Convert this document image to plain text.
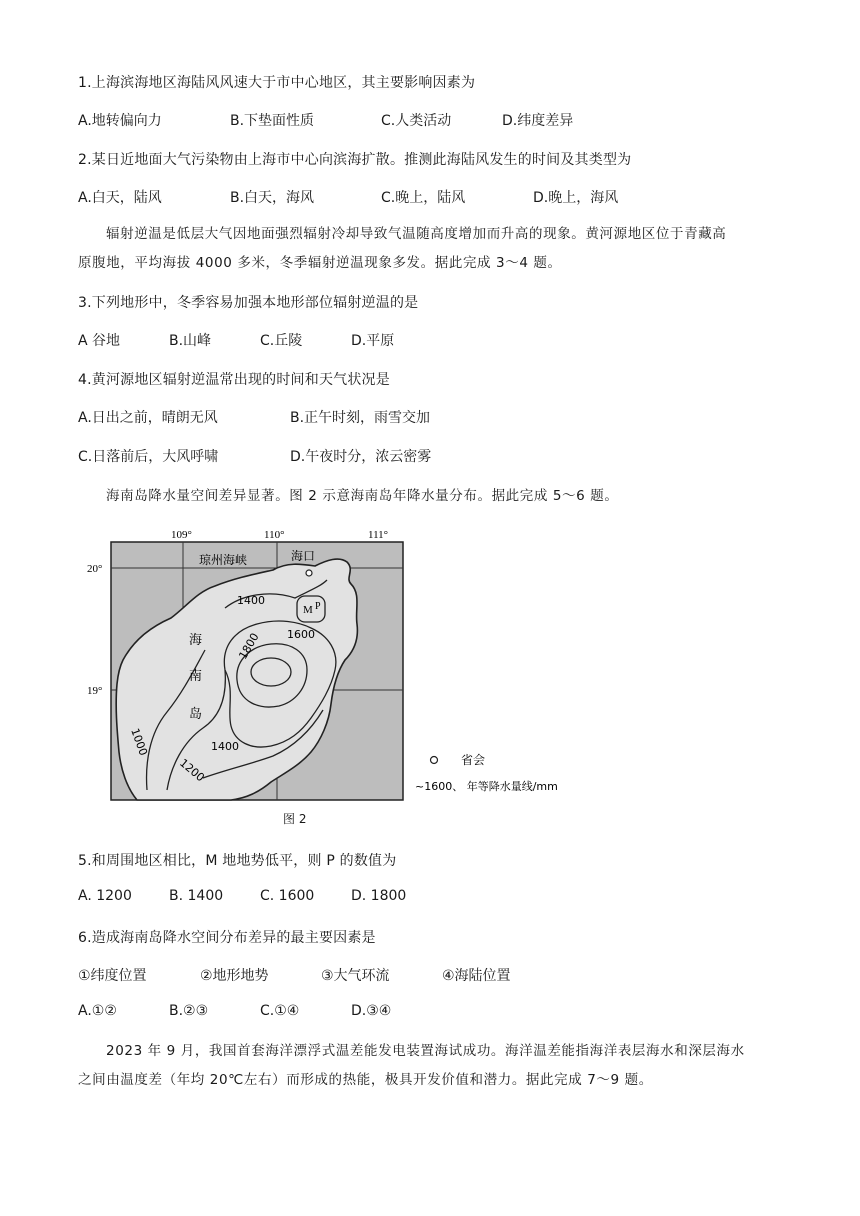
1.上海滨海地区海陆风风速大于市中心地区，其主要影响因素为
A.地转偏向力	B.下垫面性质	C.人类活动	D.纬度差异
2.某日近地面大气污染物由上海市中心向滨海扩散。推测此海陆风发生的时间及其类型为
A.白天，陆风	B.白天，海风	C.晚上，陆风	D.晚上，海风
辐射逆温是低层大气因地面强烈辐射冷却导致气温随高度增加而升高的现象。黄河源地区位于青藏高
原腹地，平均海拔 4000 多米，冬季辐射逆温现象多发。据此完成 3～4 题。
3.下列地形中，冬季容易加强本地形部位辐射逆温的是
A 谷地	B.山峰	C.丘陵	D.平原
4.黄河源地区辐射逆温常出现的时间和天气状况是
A.日出之前，晴朗无风	B.正午时刻，雨雪交加
C.日落前后，大风呼啸	D.午夜时分，浓云密雾
海南岛降水量空间差异显著。图 2 示意海南岛年降水量分布。据此完成 5～6 题。
109°	110°	111°
20°
19°
琼州海峡	海口
海
南
岛
1400
1600
1800
1400
1200
1000
M P
省会
~1600、 年等降水量线/mm
图 2
5.和周围地区相比，M 地地势低平，则 P 的数值为
A. 1200	B. 1400	C. 1600	D. 1800
6.造成海南岛降水空间分布差异的最主要因素是
①纬度位置	②地形地势	③大气环流	④海陆位置
A.①②	B.②③	C.①④	D.③④
2023 年 9 月，我国首套海洋漂浮式温差能发电装置海试成功。海洋温差能指海洋表层海水和深层海水
之间由温度差（年均 20℃左右）而形成的热能，极具开发价值和潜力。据此完成 7～9 题。
